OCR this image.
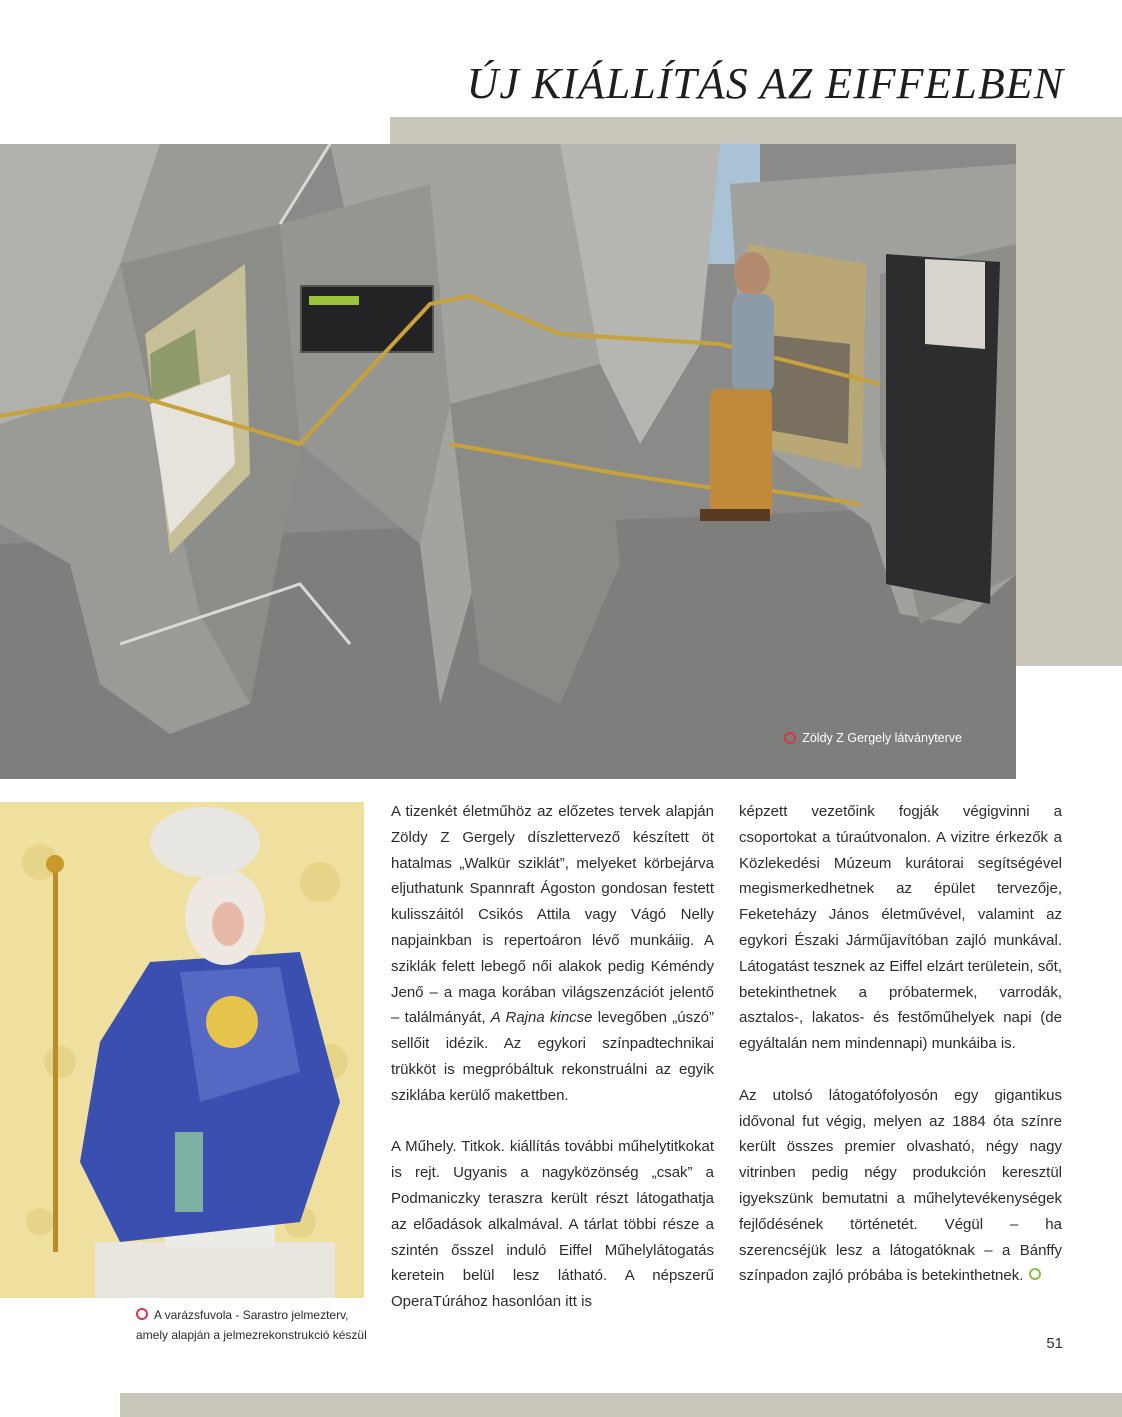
ÚJ KIÁLLÍTÁS AZ EIFFELBEN
Zöldy Z Gergely látványterve
A varázsfuvola - Sarastro jelmezterv,
amely alapján a jelmezrekonstrukció készül

A tizenkét életműhöz az előzetes tervek alapján Zöldy Z Gergely díszlettervező készített öt hatalmas „Walkür sziklát”, melyeket körbejárva eljuthatunk Spannraft Ágoston gondosan festett kulisszáitól Csikós Attila vagy Vágó Nelly napjainkban is repertoáron lévő munkáiig. A sziklák felett lebegő női alakok pedig Kéméndy Jenő – a maga korában világszenzációt jelentő – találmányát, A Rajna kincse levegőben „úszó” sellőit idézik. Az egykori színpadtechnikai trükköt is megpróbáltuk rekonstruálni az egyik sziklába kerülő makettben.

A Műhely. Titkok. kiállítás további műhelytitkokat is rejt. Ugyanis a nagyközönség „csak” a Podmaniczky teraszra került részt látogathatja az előadások alkalmával. A tárlat többi része a szintén ősszel induló Eiffel Műhelylátogatás keretein belül lesz látható. A népszerű OperaTúrához hasonlóan itt is

képzett vezetőink fogják végigvinni a csoportokat a túraútvonalon. A vizitre érkezők a Közlekedési Múzeum kurátorai segítségével megismerkedhetnek az épület tervezője, Feketeházy János életművével, valamint az egykori Északi Járműjavítóban zajló munkával. Látogatást tesznek az Eiffel elzárt területein, sőt, betekinthetnek a próbatermek, varrodák, asztalos-, lakatos- és festőműhelyek napi (de egyáltalán nem mindennapi) munkáiba is.

Az utolsó látogatófolyosón egy gigantikus idővonal fut végig, melyen az 1884 óta színre került összes premier olvasható, négy nagy vitrinben pedig négy produkción keresztül igyekszünk bemutatni a műhelytevékenységek fejlődésének történetét. Végül – ha szerencséjük lesz a látogatóknak – a Bánffy színpadon zajló próbába is betekinthetnek.

51
